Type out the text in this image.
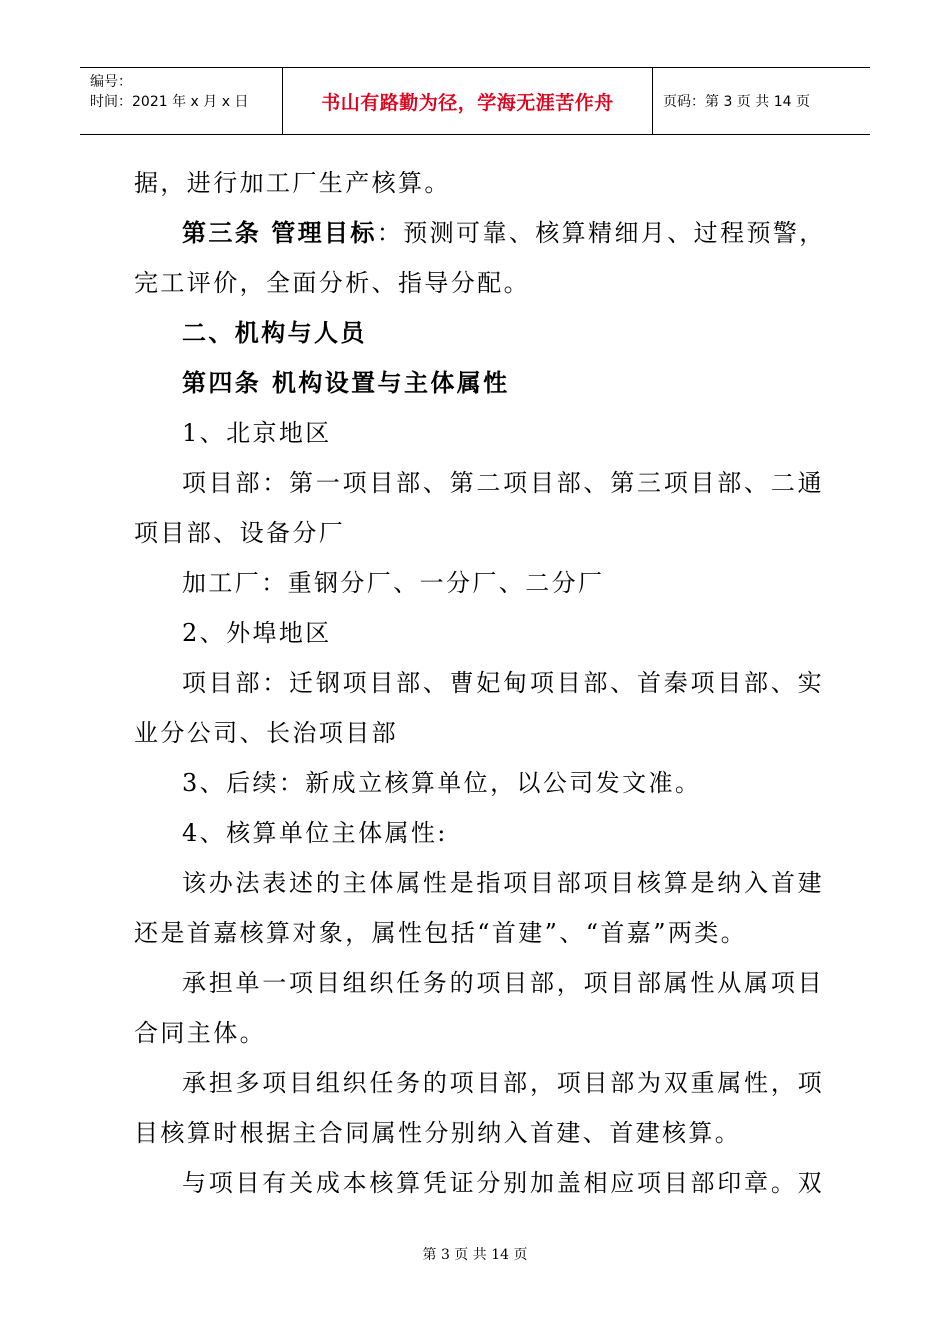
编号：
时间：2021 年 x 月 x 日	书山有路勤为径，学海无涯苦作舟	页码：第 3 页 共 14 页
据，进行加工厂生产核算。
第三条 管理目标：预测可靠、核算精细月、过程预警，
完工评价，全面分析、指导分配。
二、机构与人员
第四条 机构设置与主体属性
1、北京地区
项目部：第一项目部、第二项目部、第三项目部、二通
项目部、设备分厂
加工厂：重钢分厂、一分厂、二分厂
2、外埠地区
项目部：迁钢项目部、曹妃甸项目部、首秦项目部、实
业分公司、长治项目部
3、后续：新成立核算单位，以公司发文准。
4、核算单位主体属性:
该办法表述的主体属性是指项目部项目核算是纳入首建
还是首嘉核算对象，属性包括“首建”、“首嘉”两类。
承担单一项目组织任务的项目部，项目部属性从属项目
合同主体。
承担多项目组织任务的项目部，项目部为双重属性，项
目核算时根据主合同属性分别纳入首建、首建核算。
与项目有关成本核算凭证分别加盖相应项目部印章。双
第 3 页 共 14 页
